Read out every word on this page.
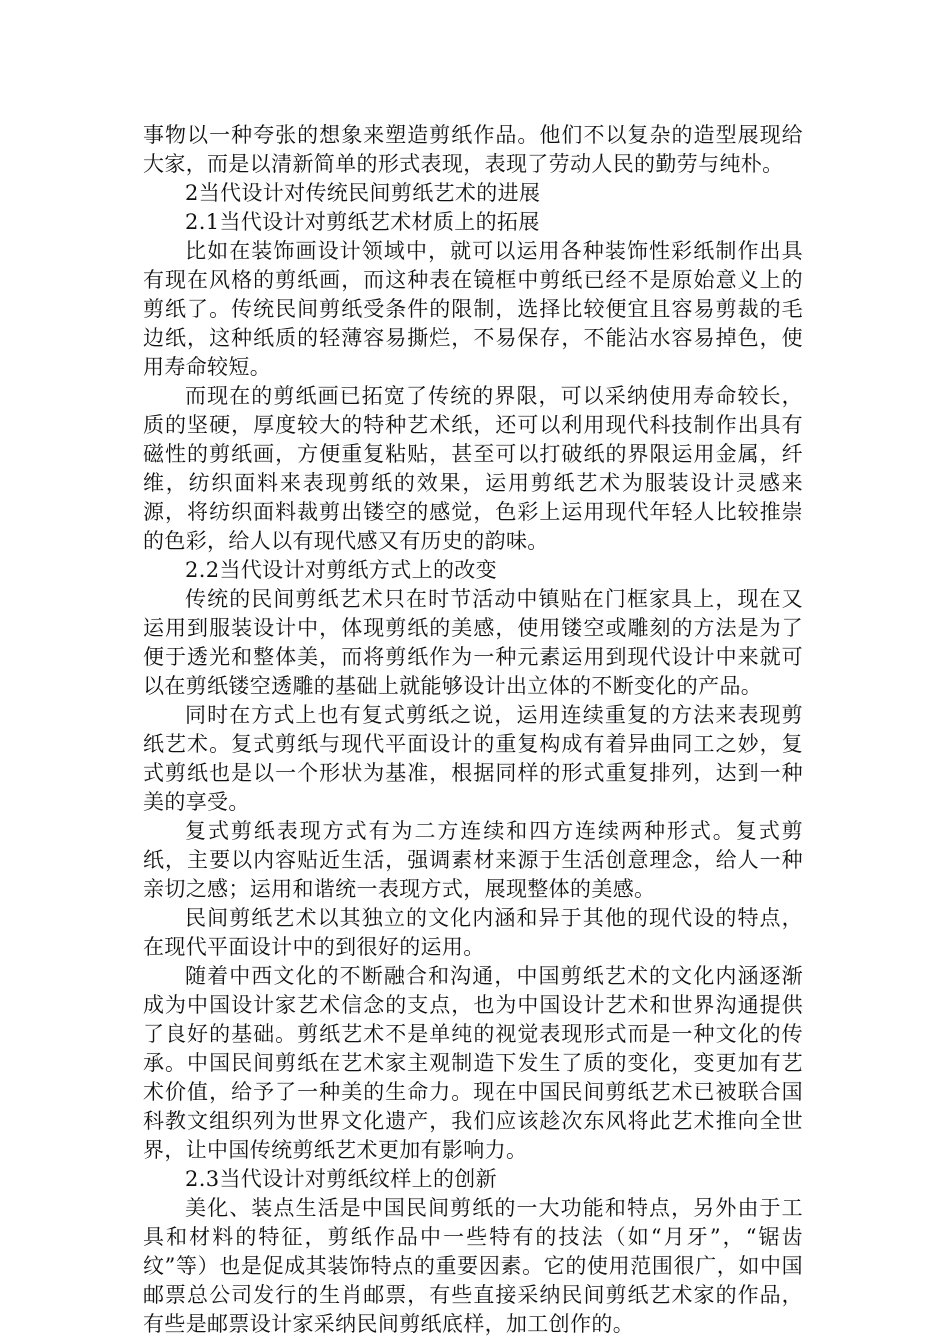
事物以一种夸张的想象来塑造剪纸作品。他们不以复杂的造型展现给大家，而是以清新简单的形式表现，表现了劳动人民的勤劳与纯朴。

2当代设计对传统民间剪纸艺术的进展

2.1当代设计对剪纸艺术材质上的拓展

比如在装饰画设计领域中，就可以运用各种装饰性彩纸制作出具有现在风格的剪纸画，而这种表在镜框中剪纸已经不是原始意义上的剪纸了。传统民间剪纸受条件的限制，选择比较便宜且容易剪裁的毛边纸，这种纸质的轻薄容易撕烂，不易保存，不能沾水容易掉色，使用寿命较短。

而现在的剪纸画已拓宽了传统的界限，可以采纳使用寿命较长，质的坚硬，厚度较大的特种艺术纸，还可以利用现代科技制作出具有磁性的剪纸画，方便重复粘贴，甚至可以打破纸的界限运用金属，纤维，纺织面料来表现剪纸的效果，运用剪纸艺术为服装设计灵感来源，将纺织面料裁剪出镂空的感觉，色彩上运用现代年轻人比较推崇的色彩，给人以有现代感又有历史的韵味。

2.2当代设计对剪纸方式上的改变

传统的民间剪纸艺术只在时节活动中镇贴在门框家具上，现在又运用到服装设计中，体现剪纸的美感，使用镂空或雕刻的方法是为了便于透光和整体美，而将剪纸作为一种元素运用到现代设计中来就可以在剪纸镂空透雕的基础上就能够设计出立体的不断变化的产品。

同时在方式上也有复式剪纸之说，运用连续重复的方法来表现剪纸艺术。复式剪纸与现代平面设计的重复构成有着异曲同工之妙，复式剪纸也是以一个形状为基准，根据同样的形式重复排列，达到一种美的享受。

复式剪纸表现方式有为二方连续和四方连续两种形式。复式剪纸，主要以内容贴近生活，强调素材来源于生活创意理念，给人一种亲切之感；运用和谐统一表现方式，展现整体的美感。

民间剪纸艺术以其独立的文化内涵和异于其他的现代设的特点，在现代平面设计中的到很好的运用。

随着中西文化的不断融合和沟通，中国剪纸艺术的文化内涵逐渐成为中国设计家艺术信念的支点，也为中国设计艺术和世界沟通提供了良好的基础。剪纸艺术不是单纯的视觉表现形式而是一种文化的传承。中国民间剪纸在艺术家主观制造下发生了质的变化，变更加有艺术价值，给予了一种美的生命力。现在中国民间剪纸艺术已被联合国科教文组织列为世界文化遗产，我们应该趁次东风将此艺术推向全世界，让中国传统剪纸艺术更加有影响力。

2.3当代设计对剪纸纹样上的创新

美化、装点生活是中国民间剪纸的一大功能和特点，另外由于工具和材料的特征，剪纸作品中一些特有的技法（如“月牙”，“锯齿纹”等）也是促成其装饰特点的重要因素。它的使用范围很广，如中国邮票总公司发行的生肖邮票，有些直接采纳民间剪纸艺术家的作品，有些是邮票设计家采纳民间剪纸底样，加工创作的。
